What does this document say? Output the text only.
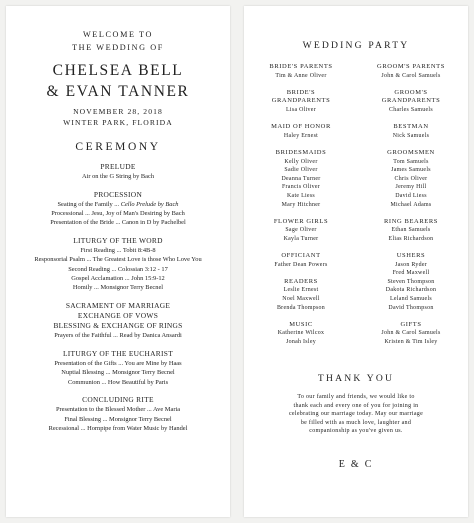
WELCOME TO
THE WEDDING OF
CHELSEA BELL
& EVAN TANNER
NOVEMBER 28, 2018
WINTER PARK, FLORIDA
CEREMONY
PRELUDE
Air on the G String by Bach
PROCESSION
Seating of the Family ... Cello Prelude by Bach
Processional ... Jesu, Joy of Man's Desiring by Bach
Presentation of the Bride ... Canon in D by Pachelbel
LITURGY OF THE WORD
First Reading ... Tobit 8:4B-8
Responsorial Psalm ... The Greatest Love is those Who Love You
Second Reading ... Colossian 3:12 - 17
Gospel Acclamation ... John 15:9-12
Homily ... Monsignor Terry Becnel
SACRAMENT OF MARRIAGE
EXCHANGE OF VOWS
BLESSING & EXCHANGE OF RINGS
Prayers of the Faithful ... Read by Danica Ansardi
LITURGY OF THE EUCHARIST
Presentation of the Gifts ... You are Mine by Haas
Nuptial Blessing ... Monsignor Terry Becnel
Communion ... How Beautiful by Paris
CONCLUDING RITE
Presentation to the Blessed Mother ... Ave Maria
Final Blessing ... Monsignor Terry Becnel
Recessional ... Hornpipe from Water Music by Handel
WEDDING PARTY
BRIDE'S PARENTS
Tim & Anne Oliver
BRIDE'S
GRANDPARENTS
Lisa Oliver
MAID OF HONOR
Haley Ernest
BRIDESMAIDS
Kelly Oliver
Sadie Oliver
Deanna Turner
Francis Oliver
Kate Liess
Mary Hitchner
FLOWER GIRLS
Sage Oliver
Kayla Turner
OFFICIANT
Father Dean Powers
READERS
Leslie Ernest
Noel Maxwell
Brenda Thompson
MUSIC
Katherine Wilcox
Jonah Isley
GROOM'S PARENTS
John & Carol Samuels
GROOM'S
GRANDPARENTS
Charles Samuels
BESTMAN
Nick Samuels
GROOMSMEN
Tom Samuels
James Samuels
Chris Oliver
Jeremy Hill
David Liess
Michael Adams
RING BEARERS
Ethan Samuels
Elias Richardson
USHERS
Jason Ryder
Fred Maxwell
Steven Thompson
Dakota Richardson
Leland Samuels
David Thompson
GIFTS
John & Carol Samuels
Kristen & Tim Isley
THANK YOU
To our family and friends, we would like to
thank each and every one of you for joining in
celebrating our marriage today. May our marriage
be filled with as much love, laughter and
companionship as you've given us.
E & C
